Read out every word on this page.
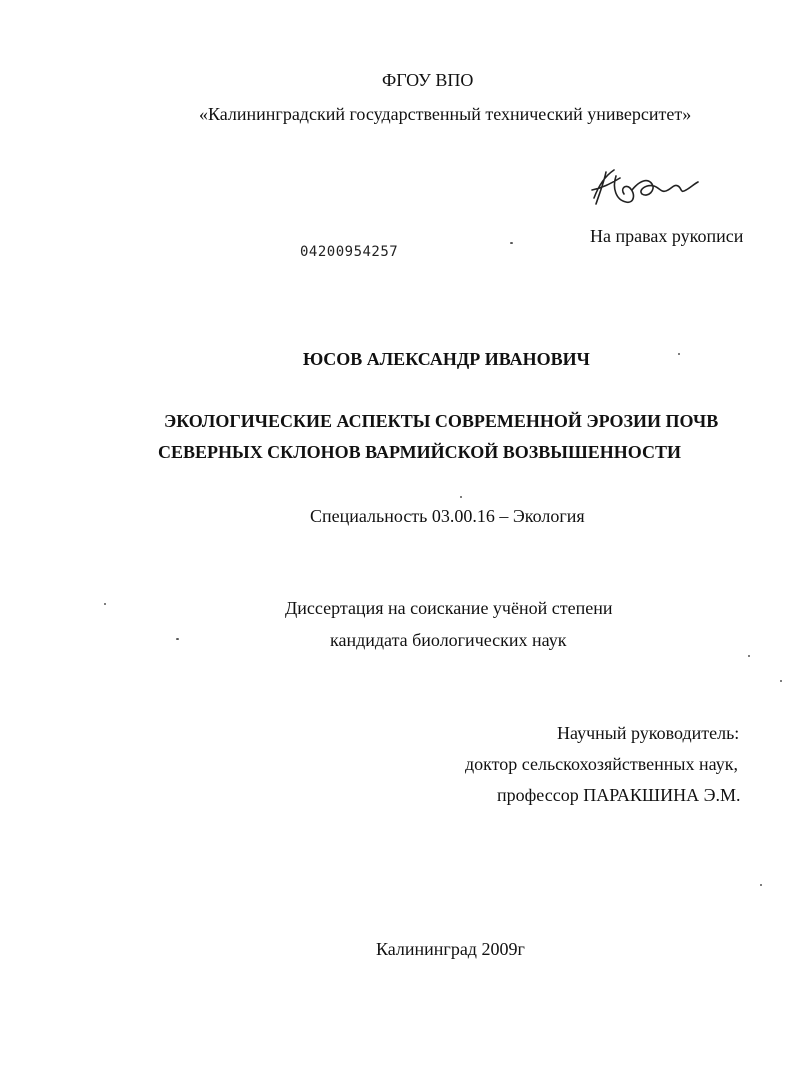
ФГОУ ВПО

«Калининградский государственный технический университет»

На правах рукописи

04200954257

ЮСОВ АЛЕКСАНДР ИВАНОВИЧ

ЭКОЛОГИЧЕСКИЕ АСПЕКТЫ СОВРЕМЕННОЙ ЭРОЗИИ ПОЧВ

СЕВЕРНЫХ СКЛОНОВ ВАРМИЙСКОЙ ВОЗВЫШЕННОСТИ

Специальность 03.00.16 – Экология

Диссертация на соискание учёной степени

кандидата биологических наук

Научный руководитель:

доктор сельскохозяйственных наук,

профессор ПАРАКШИНА Э.М.

Калининград 2009г
